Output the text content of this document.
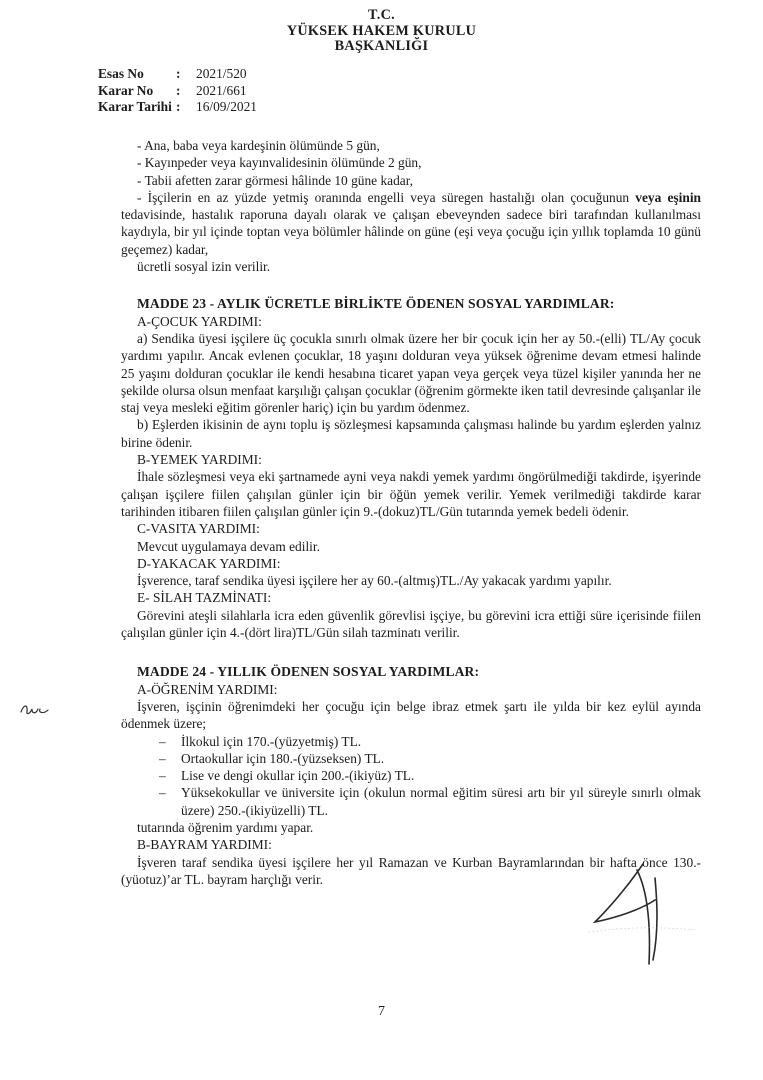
T.C.
YÜKSEK HAKEM KURULU
BAŞKANLIĞI
Esas No	:	2021/520
Karar No	:	2021/661
Karar Tarihi :	16/09/2021

- Ana, baba veya kardeşinin ölümünde 5 gün,

- Kayınpeder veya kayınvalidesinin ölümünde 2 gün,

- Tabii afetten zarar görmesi hâlinde 10 güne kadar,

- İşçilerin en az yüzde yetmiş oranında engelli veya süregen hastalığı olan çocuğunun veya eşinin tedavisinde, hastalık raporuna dayalı olarak ve çalışan ebeveynden sadece biri tarafından kullanılması kaydıyla, bir yıl içinde toptan veya bölümler hâlinde on güne (eşi veya çocuğu için yıllık toplamda 10 günü geçemez) kadar,

ücretli sosyal izin verilir.

MADDE 23 - AYLIK ÜCRETLE BİRLİKTE ÖDENEN SOSYAL YARDIMLAR:

A-ÇOCUK YARDIMI:

a) Sendika üyesi işçilere üç çocukla sınırlı olmak üzere her bir çocuk için her ay 50.-(elli) TL/Ay çocuk yardımı yapılır. Ancak evlenen çocuklar, 18 yaşını dolduran veya yüksek öğrenime devam etmesi halinde 25 yaşını dolduran çocuklar ile kendi hesabına ticaret yapan veya gerçek veya tüzel kişiler yanında her ne şekilde olursa olsun menfaat karşılığı çalışan çocuklar (öğrenim görmekte iken tatil devresinde çalışanlar ile staj veya mesleki eğitim görenler hariç) için bu yardım ödenmez.

b) Eşlerden ikisinin de aynı toplu iş sözleşmesi kapsamında çalışması halinde bu yardım eşlerden yalnız birine ödenir.

B-YEMEK YARDIMI:

İhale sözleşmesi veya eki şartnamede ayni veya nakdi yemek yardımı öngörülmediği takdirde, işyerinde çalışan işçilere fiilen çalışılan günler için bir öğün yemek verilir. Yemek verilmediği takdirde karar tarihinden itibaren fiilen çalışılan günler için 9.-(dokuz)TL/Gün tutarında yemek bedeli ödenir.

C-VASITA YARDIMI:

Mevcut uygulamaya devam edilir.

D-YAKACAK YARDIMI:

İşverence, taraf sendika üyesi işçilere her ay 60.-(altmış)TL./Ay yakacak yardımı yapılır.

E- SİLAH TAZMİNATI:

Görevini ateşli silahlarla icra eden güvenlik görevlisi işçiye, bu görevini icra ettiği süre içerisinde fiilen çalışılan günler için 4.-(dört lira)TL/Gün silah tazminatı verilir.

MADDE 24 - YILLIK ÖDENEN SOSYAL YARDIMLAR:

A-ÖĞRENİM YARDIMI:

İşveren, işçinin öğrenimdeki her çocuğu için belge ibraz etmek şartı ile yılda bir kez eylül ayında ödenmek üzere;

– İlkokul için 170.-(yüzyetmiş) TL.
– Ortaokullar için 180.-(yüzseksen) TL.
– Lise ve dengi okullar için 200.-(ikiyüz) TL.
– Yüksekokullar ve üniversite için (okulun normal eğitim süresi artı bir yıl süreyle sınırlı olmak üzere) 250.-(ikiyüzelli) TL.

tutarında öğrenim yardımı yapar.

B-BAYRAM YARDIMI:

İşveren taraf sendika üyesi işçilere her yıl Ramazan ve Kurban Bayramlarından bir hafta önce 130.-(yüotuz)’ar TL. bayram harçlığı verir.

7
